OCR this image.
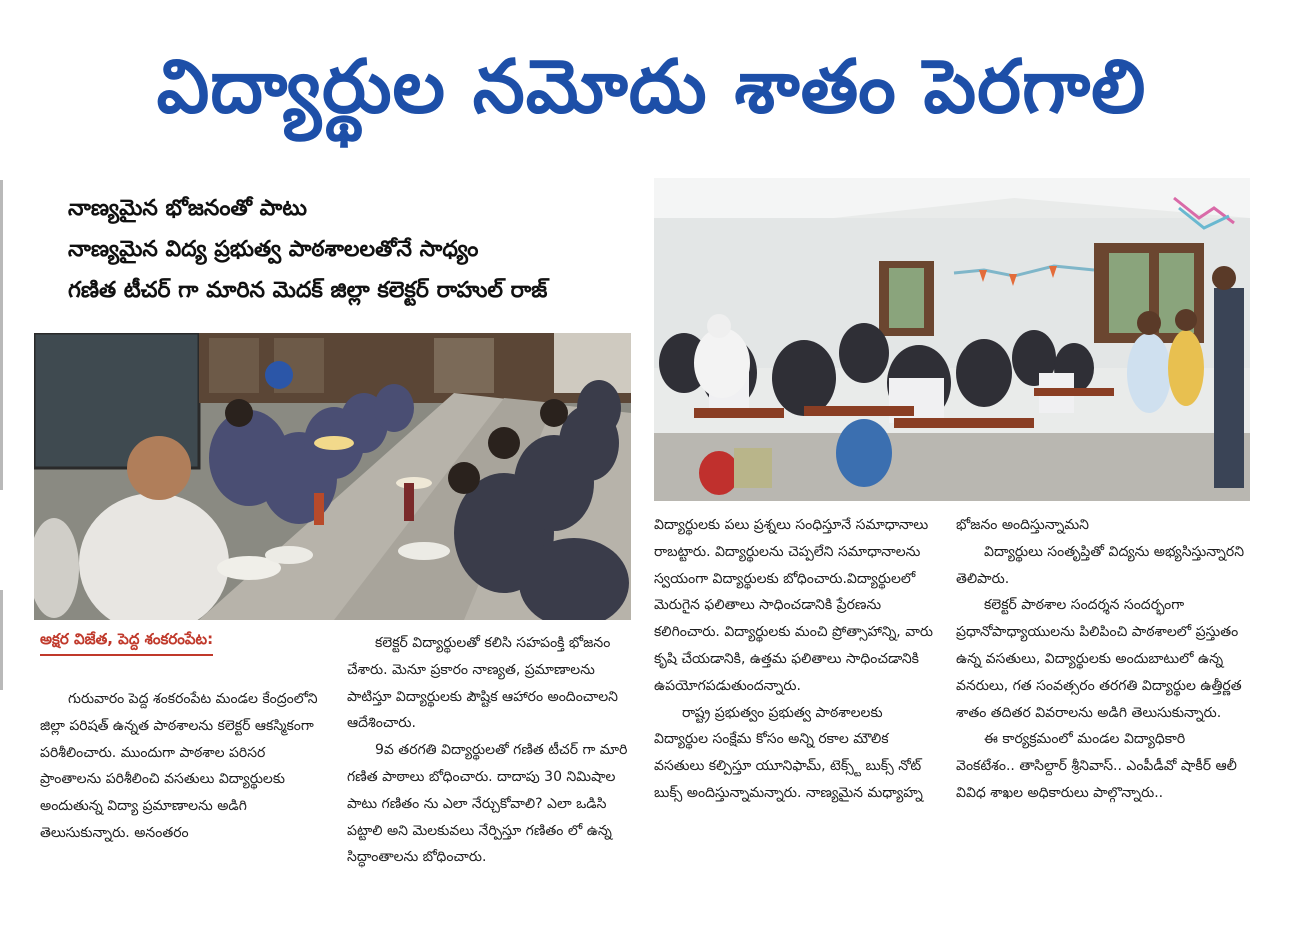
విద్యార్థుల నమోదు శాతం పెరగాలి
నాణ్యమైన భోజనంతో పాటు
నాణ్యమైన విద్య ప్రభుత్వ పాఠశాలలతోనే సాధ్యం
గణిత టీచర్ గా మారిన మెదక్ జిల్లా కలెక్టర్ రాహుల్ రాజ్
అక్షర విజేత, పెద్ద శంకరంపేట:

గురువారం పెద్ద శంకరంపేట మండల కేంద్రంలోని జిల్లా పరిషత్ ఉన్నత పాఠశాలను కలెక్టర్ ఆకస్మికంగా పరిశీలించారు. ముందుగా పాఠశాల పరిసర ప్రాంతాలను పరిశీలించి వసతులు విద్యార్థులకు అందుతున్న విద్యా ప్రమాణాలను అడిగి తెలుసుకున్నారు. అనంతరం

కలెక్టర్ విద్యార్థులతో కలిసి సహపంక్తి భోజనం చేశారు. మెనూ ప్రకారం నాణ్యత, ప్రమాణాలను పాటిస్తూ విద్యార్థులకు పౌష్టిక ఆహారం అందించాలని ఆదేశించారు.

9వ తరగతి విద్యార్థులతో గణిత టీచర్ గా మారి గణిత పాఠాలు బోధించారు. దాదాపు 30 నిమిషాల పాటు గణితం ను ఎలా నేర్చుకోవాలి? ఎలా ఒడిసి పట్టాలి అని మెలకువలు నేర్పిస్తూ గణితం లో ఉన్న సిద్ధాంతాలను బోధించారు.

విద్యార్థులకు పలు ప్రశ్నలు సంధిస్తూనే సమాధానాలు రాబట్టారు. విద్యార్థులను చెప్పలేని సమాధానాలను స్వయంగా విద్యార్థులకు బోధించారు.విద్యార్థులలో మెరుగైన ఫలితాలు సాధించడానికి ప్రేరణను కలిగించారు. విద్యార్థులకు మంచి ప్రోత్సాహాన్ని, వారు కృషి చేయడానికి, ఉత్తమ ఫలితాలు సాధించడానికి ఉపయోగపడుతుందన్నారు.

రాష్ట్ర ప్రభుత్వం ప్రభుత్వ పాఠశాలలకు విద్యార్థుల సంక్షేమ కోసం అన్ని రకాల మౌలిక వసతులు కల్పిస్తూ యూనిఫామ్, టెక్స్ట్ బుక్స్ నోట్ బుక్స్ అందిస్తున్నామన్నారు. నాణ్యమైన మధ్యాహ్న

భోజనం అందిస్తున్నామని

విద్యార్థులు సంతృప్తితో విద్యను అభ్యసిస్తున్నారని తెలిపారు.

కలెక్టర్ పాఠశాల సందర్శన సందర్భంగా ప్రధానోపాధ్యాయులను పిలిపించి పాఠశాలలో ప్రస్తుతం ఉన్న వసతులు, విద్యార్థులకు అందుబాటులో ఉన్న వనరులు, గత సంవత్సరం తరగతి విద్యార్థుల ఉత్తీర్ణత శాతం తదితర వివరాలను అడిగి తెలుసుకున్నారు.

ఈ కార్యక్రమంలో మండల విద్యాధికారి వెంకటేశం.. తాసిల్దార్ శ్రీనివాస్.. ఎంపీడీవో షాకీర్ ఆలీ వివిధ శాఖల అధికారులు పాల్గొన్నారు..
